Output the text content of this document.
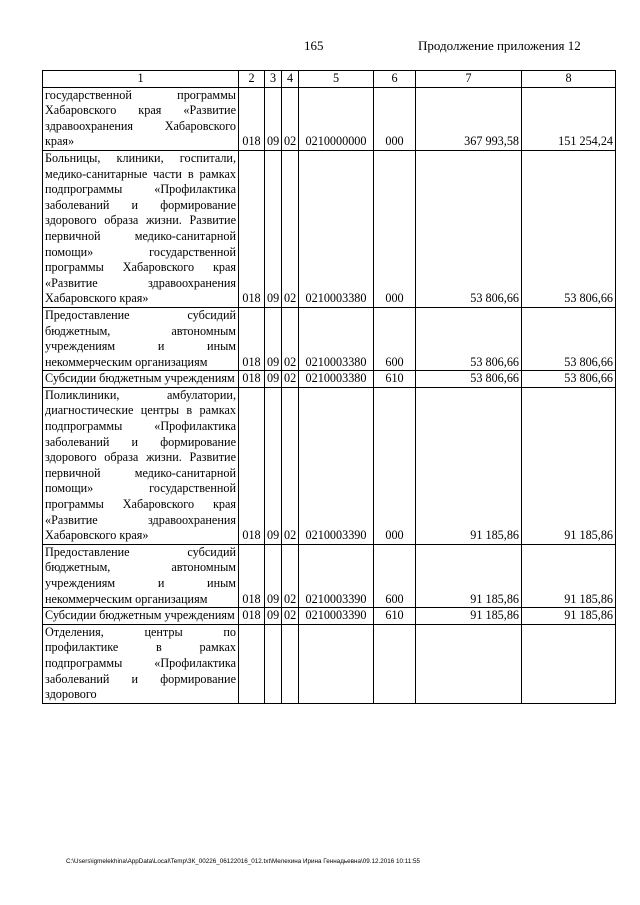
165	Продолжение приложения 12
1	2	3	4	5	6	7	8
государственной программы Хабаровского края «Развитие здравоохранения Хабаровского края»	018	09	02	0210000000	000	367 993,58	151 254,24
Больницы, клиники, госпитали, медико-санитарные части в рамках подпрограммы «Профилактика заболеваний и формирование здорового образа жизни. Развитие первичной медико-санитарной помощи» государственной программы Хабаровского края «Развитие здравоохранения Хабаровского края»	018	09	02	0210003380	000	53 806,66	53 806,66
Предоставление субсидий бюджетным, автономным учреждениям и иным некоммерческим организациям	018	09	02	0210003380	600	53 806,66	53 806,66
Субсидии бюджетным учреждениям	018	09	02	0210003380	610	53 806,66	53 806,66
Поликлиники, амбулатории, диагностические центры в рамках подпрограммы «Профилактика заболеваний и формирование здорового образа жизни. Развитие первичной медико-санитарной помощи» государственной программы Хабаровского края «Развитие здравоохранения Хабаровского края»	018	09	02	0210003390	000	91 185,86	91 185,86
Предоставление субсидий бюджетным, автономным учреждениям и иным некоммерческим организациям	018	09	02	0210003390	600	91 185,86	91 185,86
Субсидии бюджетным учреждениям	018	09	02	0210003390	610	91 185,86	91 185,86
Отделения, центры по профилактике в рамках подпрограммы «Профилактика заболеваний и формирование здорового							
C:\Users\igmelekhina\AppData\Local\Temp\ЗК_00226_06122016_012.txt\Мелехина Ирина Геннадьевна\09.12.2016 10:11:55
